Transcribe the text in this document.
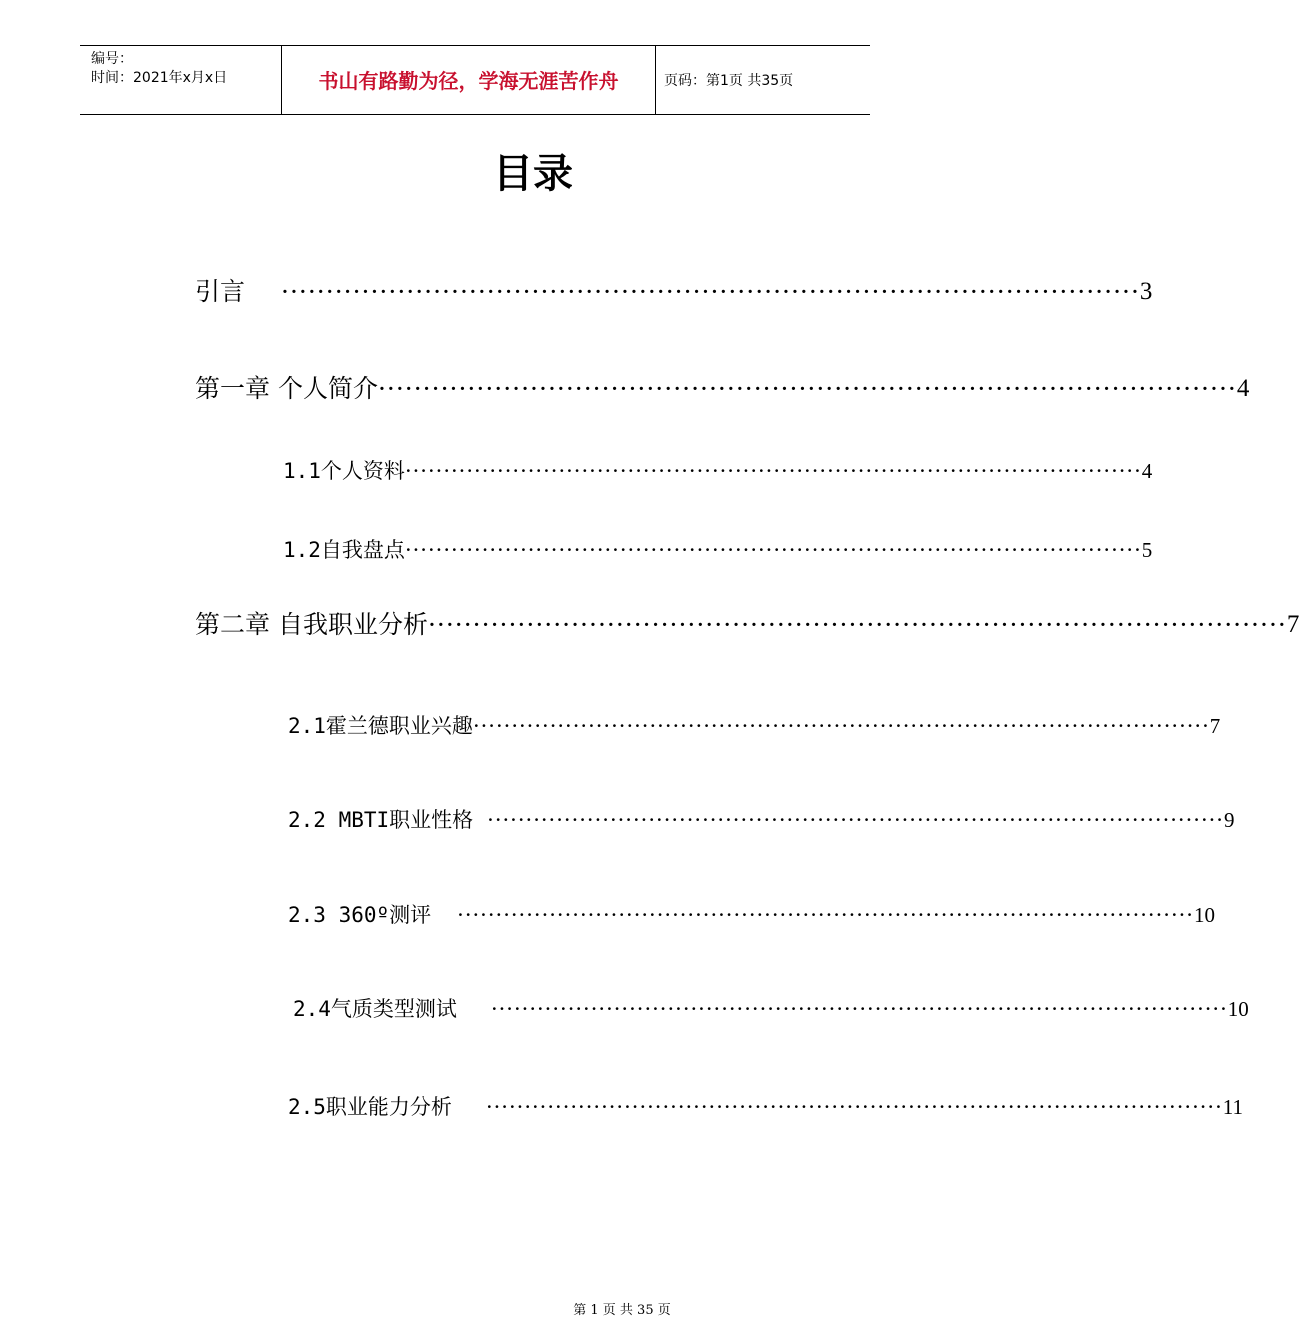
编号：
时间：2021年x月x日	书山有路勤为径，学海无涯苦作舟	页码：第1页 共35页
目录
引言 ································································································ 3
第一章 个人简介 ································································································ 4
1.1个人资料 ································································································ 4
1.2自我盘点 ································································································ 5
第二章 自我职业分析 ································································································ 7
2.1霍兰德职业兴趣 ································································································ 7
2.2 MBTI职业性格 ································································································ 9
2.3 360º测评 ································································································ 10
2.4气质类型测试 ································································································ 10
2.5职业能力分析 ································································································ 11
第 1 页 共 35 页
